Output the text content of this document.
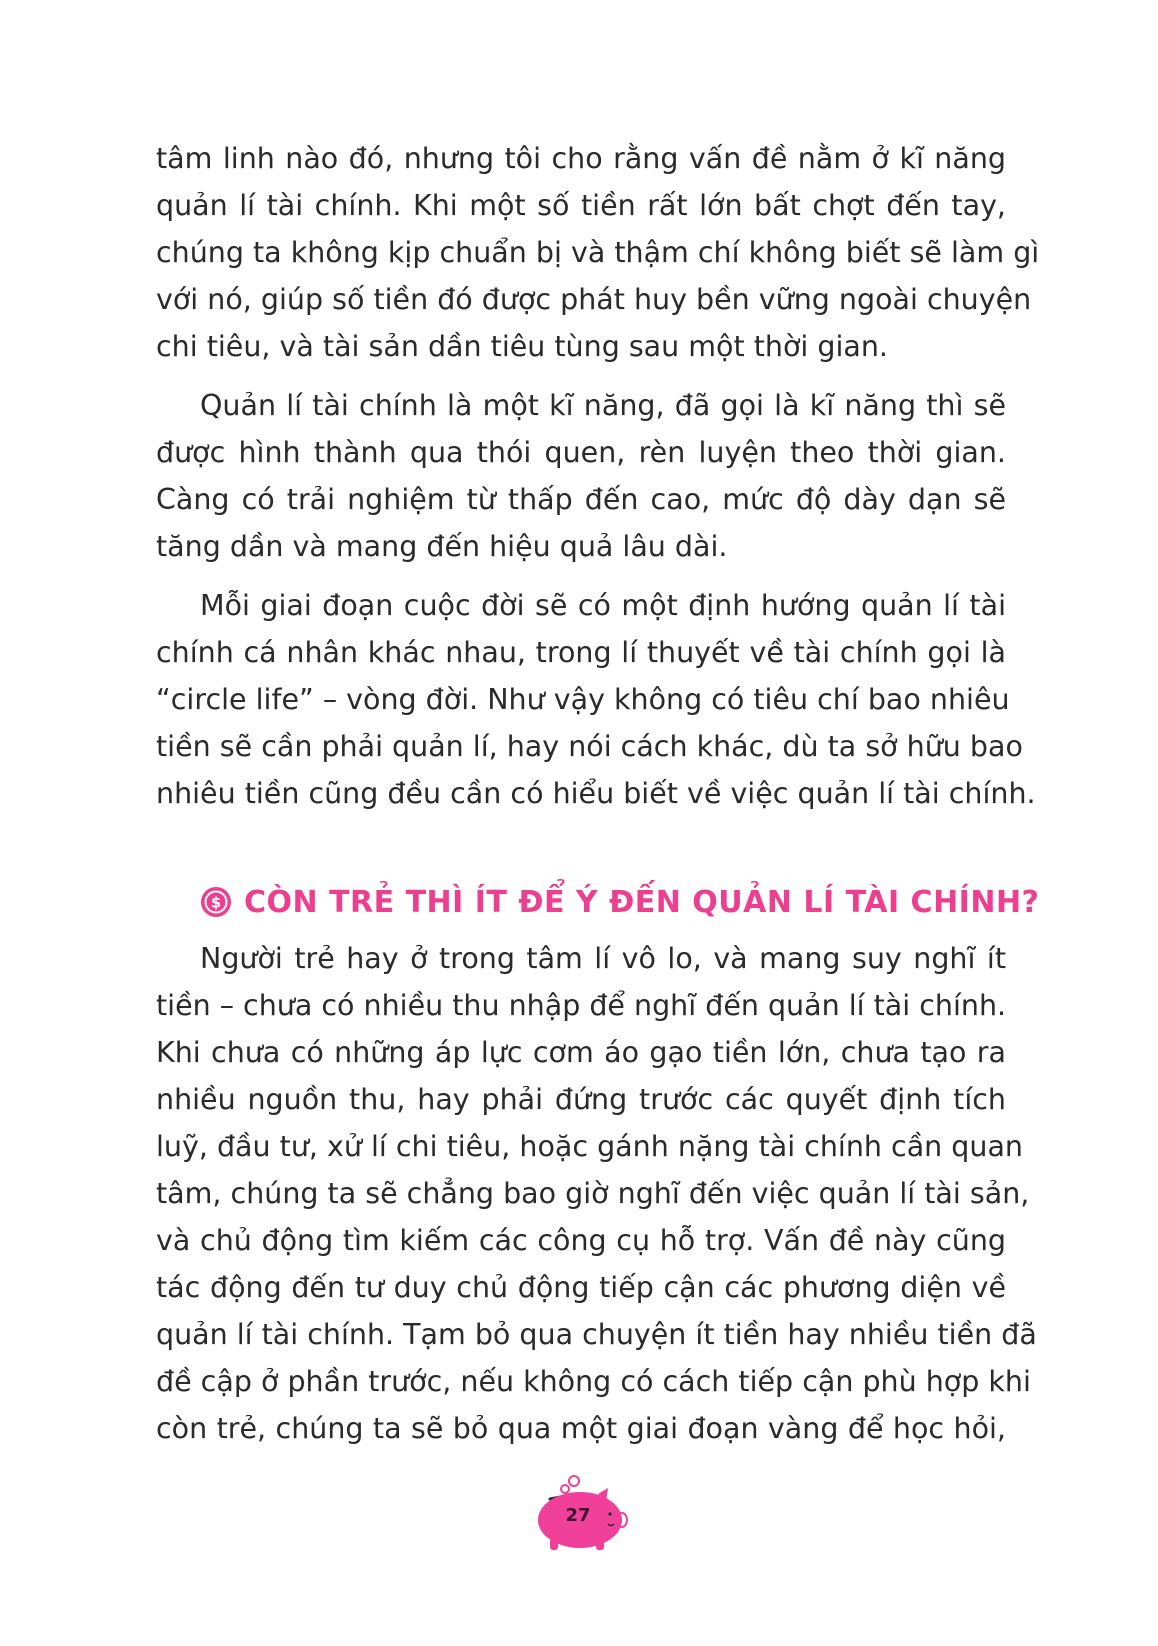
tâm linh nào đó, nhưng tôi cho rằng vấn đề nằm ở kĩ năng
quản lí tài chính. Khi một số tiền rất lớn bất chợt đến tay,
chúng ta không kịp chuẩn bị và thậm chí không biết sẽ làm gì
với nó, giúp số tiền đó được phát huy bền vững ngoài chuyện
chi tiêu, và tài sản dần tiêu tùng sau một thời gian.

Quản lí tài chính là một kĩ năng, đã gọi là kĩ năng thì sẽ
được hình thành qua thói quen, rèn luyện theo thời gian.
Càng có trải nghiệm từ thấp đến cao, mức độ dày dạn sẽ
tăng dần và mang đến hiệu quả lâu dài.

Mỗi giai đoạn cuộc đời sẽ có một định hướng quản lí tài
chính cá nhân khác nhau, trong lí thuyết về tài chính gọi là
“circle life” – vòng đời. Như vậy không có tiêu chí bao nhiêu
tiền sẽ cần phải quản lí, hay nói cách khác, dù ta sở hữu bao
nhiêu tiền cũng đều cần có hiểu biết về việc quản lí tài chính.

$ CÒN TRẺ THÌ ÍT ĐỂ Ý ĐẾN QUẢN LÍ TÀI CHÍNH?

Người trẻ hay ở trong tâm lí vô lo, và mang suy nghĩ ít
tiền – chưa có nhiều thu nhập để nghĩ đến quản lí tài chính.
Khi chưa có những áp lực cơm áo gạo tiền lớn, chưa tạo ra
nhiều nguồn thu, hay phải đứng trước các quyết định tích
luỹ, đầu tư, xử lí chi tiêu, hoặc gánh nặng tài chính cần quan
tâm, chúng ta sẽ chẳng bao giờ nghĩ đến việc quản lí tài sản,
và chủ động tìm kiếm các công cụ hỗ trợ. Vấn đề này cũng
tác động đến tư duy chủ động tiếp cận các phương diện về
quản lí tài chính. Tạm bỏ qua chuyện ít tiền hay nhiều tiền đã
đề cập ở phần trước, nếu không có cách tiếp cận phù hợp khi
còn trẻ, chúng ta sẽ bỏ qua một giai đoạn vàng để học hỏi,

27
